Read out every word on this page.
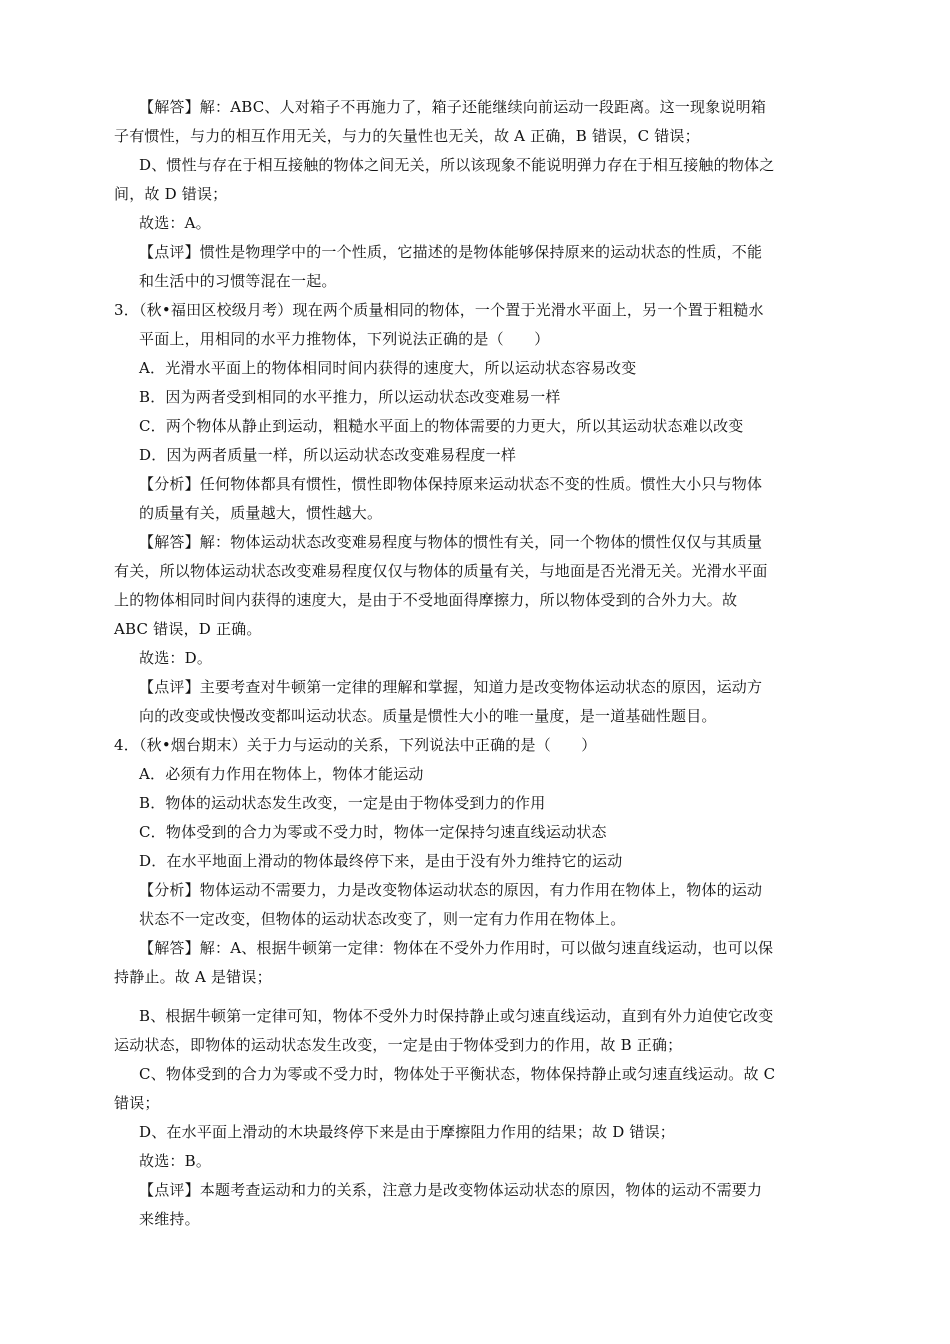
【解答】解：ABC、人对箱子不再施力了，箱子还能继续向前运动一段距离。这一现象说明箱
子有惯性，与力的相互作用无关，与力的矢量性也无关，故 A 正确，B 错误，C 错误；
D、惯性与存在于相互接触的物体之间无关，所以该现象不能说明弹力存在于相互接触的物体之
间，故 D 错误；
故选：A。
【点评】惯性是物理学中的一个性质，它描述的是物体能够保持原来的运动状态的性质，不能
和生活中的习惯等混在一起。
3．（秋•福田区校级月考）现在两个质量相同的物体，一个置于光滑水平面上，另一个置于粗糙水
平面上，用相同的水平力推物体，下列说法正确的是（　　）
A．光滑水平面上的物体相同时间内获得的速度大，所以运动状态容易改变
B．因为两者受到相同的水平推力，所以运动状态改变难易一样
C．两个物体从静止到运动，粗糙水平面上的物体需要的力更大，所以其运动状态难以改变
D．因为两者质量一样，所以运动状态改变难易程度一样
【分析】任何物体都具有惯性，惯性即物体保持原来运动状态不变的性质。惯性大小只与物体
的质量有关，质量越大，惯性越大。
【解答】解：物体运动状态改变难易程度与物体的惯性有关，同一个物体的惯性仅仅与其质量
有关，所以物体运动状态改变难易程度仅仅与物体的质量有关，与地面是否光滑无关。光滑水平面
上的物体相同时间内获得的速度大，是由于不受地面得摩擦力，所以物体受到的合外力大。故
ABC 错误，D 正确。
故选：D。
【点评】主要考查对牛顿第一定律的理解和掌握，知道力是改变物体运动状态的原因，运动方
向的改变或快慢改变都叫运动状态。质量是惯性大小的唯一量度，是一道基础性题目。
4．（秋•烟台期末）关于力与运动的关系，下列说法中正确的是（　　）
A．必须有力作用在物体上，物体才能运动
B．物体的运动状态发生改变，一定是由于物体受到力的作用
C．物体受到的合力为零或不受力时，物体一定保持匀速直线运动状态
D．在水平地面上滑动的物体最终停下来，是由于没有外力维持它的运动
【分析】物体运动不需要力，力是改变物体运动状态的原因，有力作用在物体上，物体的运动
状态不一定改变，但物体的运动状态改变了，则一定有力作用在物体上。
【解答】解：A、根据牛顿第一定律：物体在不受外力作用时，可以做匀速直线运动，也可以保
持静止。故 A 是错误；
B、根据牛顿第一定律可知，物体不受外力时保持静止或匀速直线运动，直到有外力迫使它改变
运动状态，即物体的运动状态发生改变，一定是由于物体受到力的作用，故 B 正确；
C、物体受到的合力为零或不受力时，物体处于平衡状态，物体保持静止或匀速直线运动。故 C
错误；
D、在水平面上滑动的木块最终停下来是由于摩擦阻力作用的结果；故 D 错误；
故选：B。
【点评】本题考查运动和力的关系，注意力是改变物体运动状态的原因，物体的运动不需要力
来维持。
